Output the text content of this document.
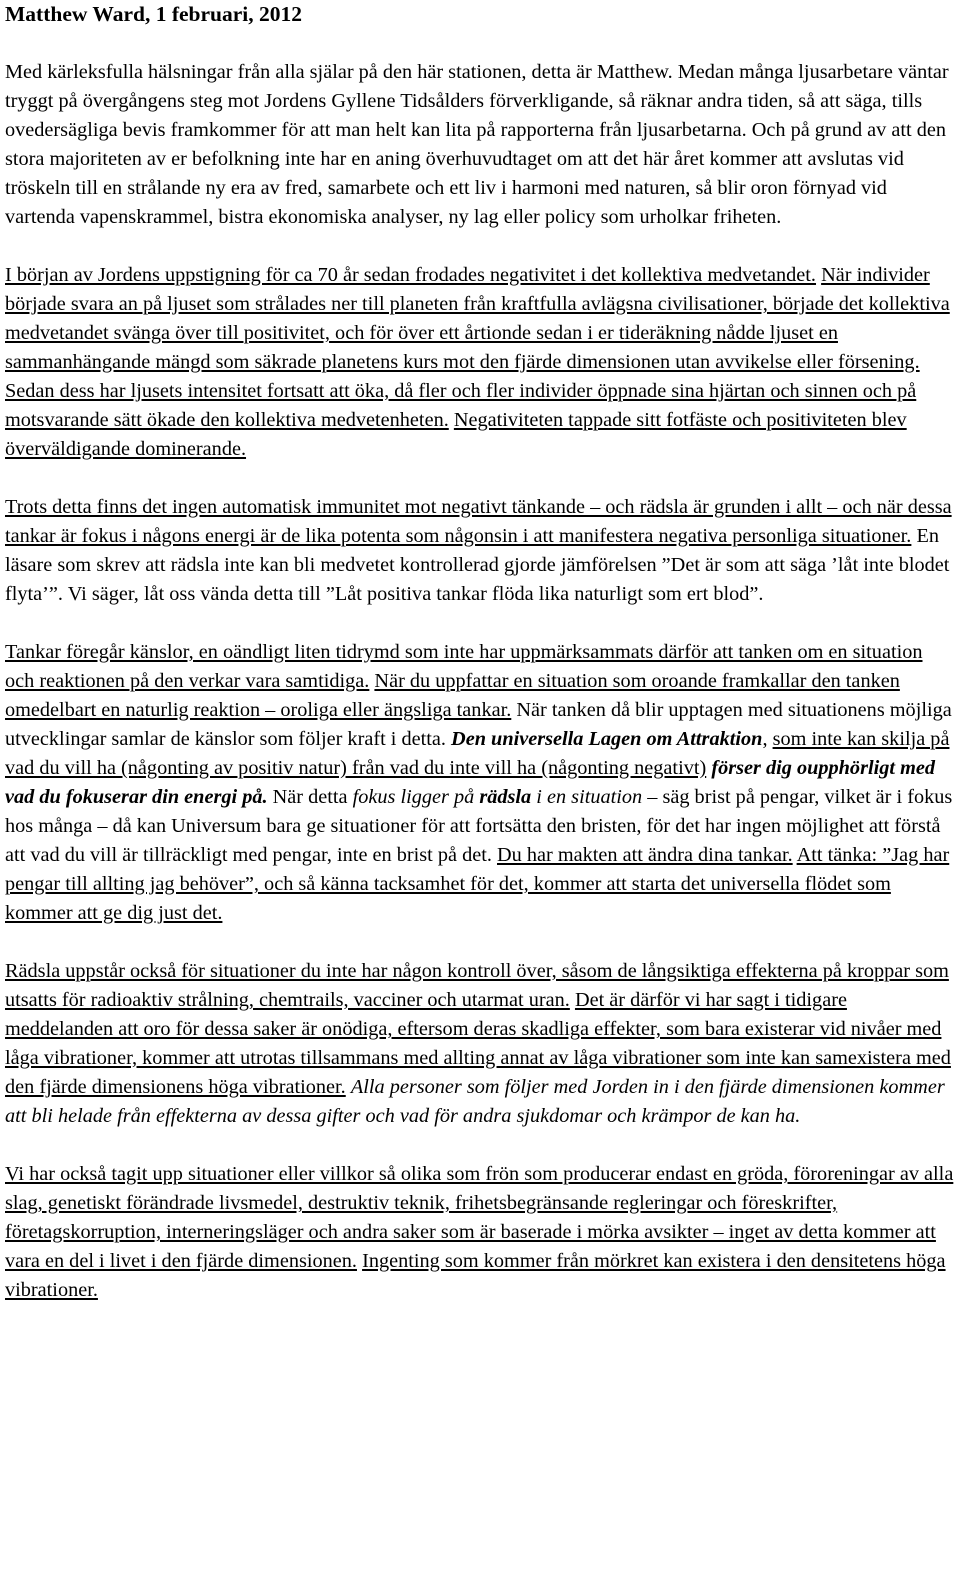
Matthew Ward, 1 februari, 2012

Med kärleksfulla hälsningar från alla själar på den här stationen, detta är Matthew. Medan många ljusarbetare väntar tryggt på övergångens steg mot Jordens Gyllene Tidsålders förverkligande, så räknar andra tiden, så att säga, tills ovedersägliga bevis framkommer för att man helt kan lita på rapporterna från ljusarbetarna. Och på grund av att den stora majoriteten av er befolkning inte har en aning överhuvudtaget om att det här året kommer att avslutas vid tröskeln till en strålande ny era av fred, samarbete och ett liv i harmoni med naturen, så blir oron förnyad vid vartenda vapenskrammel, bistra ekonomiska analyser, ny lag eller policy som urholkar friheten.

I början av Jordens uppstigning för ca 70 år sedan frodades negativitet i det kollektiva medvetandet. När individer började svara an på ljuset som strålades ner till planeten från kraftfulla avlägsna civilisationer, började det kollektiva medvetandet svänga över till positivitet, och för över ett årtionde sedan i er tideräkning nådde ljuset en sammanhängande mängd som säkrade planetens kurs mot den fjärde dimensionen utan avvikelse eller försening. Sedan dess har ljusets intensitet fortsatt att öka, då fler och fler individer öppnade sina hjärtan och sinnen och på motsvarande sätt ökade den kollektiva medvetenheten. Negativiteten tappade sitt fotfäste och positiviteten blev överväldigande dominerande.

Trots detta finns det ingen automatisk immunitet mot negativt tänkande – och rädsla är grunden i allt – och när dessa tankar är fokus i någons energi är de lika potenta som någonsin i att manifestera negativa personliga situationer. En läsare som skrev att rädsla inte kan bli medvetet kontrollerad gjorde jämförelsen ”Det är som att säga ’låt inte blodet flyta’”. Vi säger, låt oss vända detta till ”Låt positiva tankar flöda lika naturligt som ert blod”.

Tankar föregår känslor, en oändligt liten tidrymd som inte har uppmärksammats därför att tanken om en situation och reaktionen på den verkar vara samtidiga. När du uppfattar en situation som oroande framkallar den tanken omedelbart en naturlig reaktion – oroliga eller ängsliga tankar. När tanken då blir upptagen med situationens möjliga utvecklingar samlar de känslor som följer kraft i detta. Den universella Lagen om Attraktion, som inte kan skilja på vad du vill ha (någonting av positiv natur) från vad du inte vill ha (någonting negativt) förser dig oupphörligt med vad du fokuserar din energi på. När detta fokus ligger på rädsla i en situation – säg brist på pengar, vilket är i fokus hos många – då kan Universum bara ge situationer för att fortsätta den bristen, för det har ingen möjlighet att förstå att vad du vill är tillräckligt med pengar, inte en brist på det. Du har makten att ändra dina tankar. Att tänka: ”Jag har pengar till allting jag behöver”, och så känna tacksamhet för det, kommer att starta det universella flödet som kommer att ge dig just det.

Rädsla uppstår också för situationer du inte har någon kontroll över, såsom de långsiktiga effekterna på kroppar som utsatts för radioaktiv strålning, chemtrails, vacciner och utarmat uran. Det är därför vi har sagt i tidigare meddelanden att oro för dessa saker är onödiga, eftersom deras skadliga effekter, som bara existerar vid nivåer med låga vibrationer, kommer att utrotas tillsammans med allting annat av låga vibrationer som inte kan samexistera med den fjärde dimensionens höga vibrationer. Alla personer som följer med Jorden in i den fjärde dimensionen kommer att bli helade från effekterna av dessa gifter och vad för andra sjukdomar och krämpor de kan ha.

Vi har också tagit upp situationer eller villkor så olika som frön som producerar endast en gröda, föroreningar av alla slag, genetiskt förändrade livsmedel, destruktiv teknik, frihetsbegränsande regleringar och föreskrifter, företagskorruption, interneringsläger och andra saker som är baserade i mörka avsikter – inget av detta kommer att vara en del i livet i den fjärde dimensionen. Ingenting som kommer från mörkret kan existera i den densitetens höga vibrationer.
